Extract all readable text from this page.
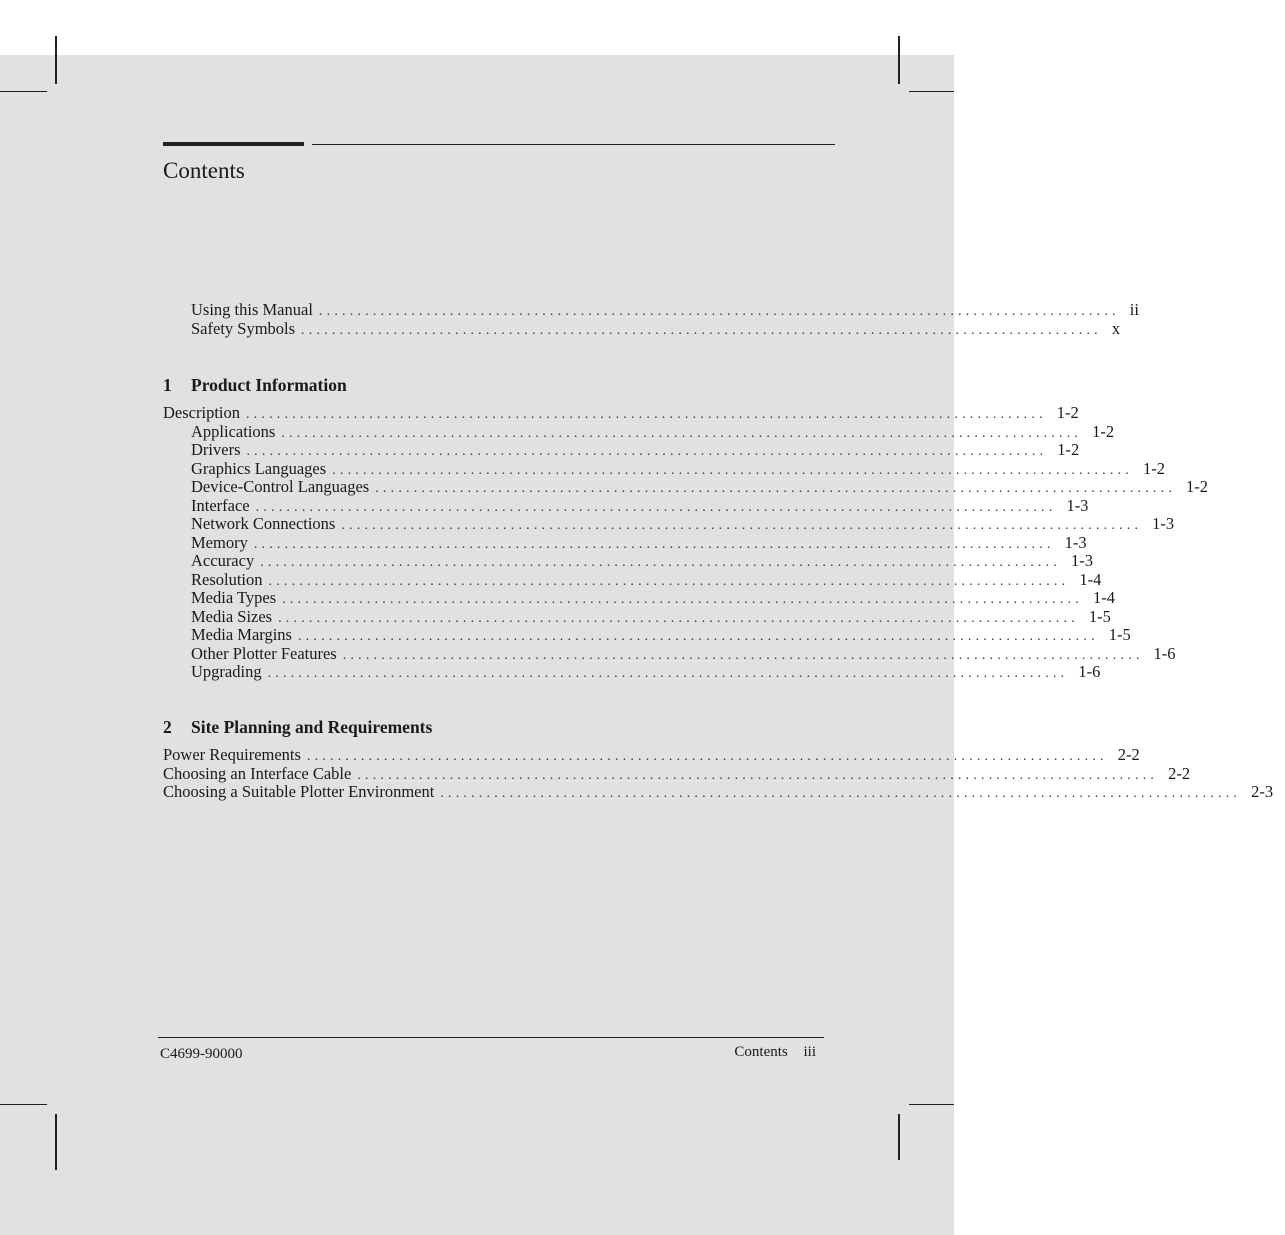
Contents
Using this Manual ........................................................................................................ ii
Safety Symbols ........................................................................................................ x
1	Product Information
Description ........................................................................................................ 1-2
Applications ........................................................................................................ 1-2
Drivers ........................................................................................................ 1-2
Graphics Languages ........................................................................................................ 1-2
Device-Control Languages ........................................................................................................ 1-2
Interface ........................................................................................................ 1-3
Network Connections ........................................................................................................ 1-3
Memory ........................................................................................................ 1-3
Accuracy ........................................................................................................ 1-3
Resolution ........................................................................................................ 1-4
Media Types ........................................................................................................ 1-4
Media Sizes ........................................................................................................ 1-5
Media Margins ........................................................................................................ 1-5
Other Plotter Features ........................................................................................................ 1-6
Upgrading ........................................................................................................ 1-6
2	Site Planning and Requirements
Power Requirements ........................................................................................................ 2-2
Choosing an Interface Cable ........................................................................................................ 2-2
Choosing a Suitable Plotter Environment ........................................................................................................ 2-3
C4699-90000	Contents iii
